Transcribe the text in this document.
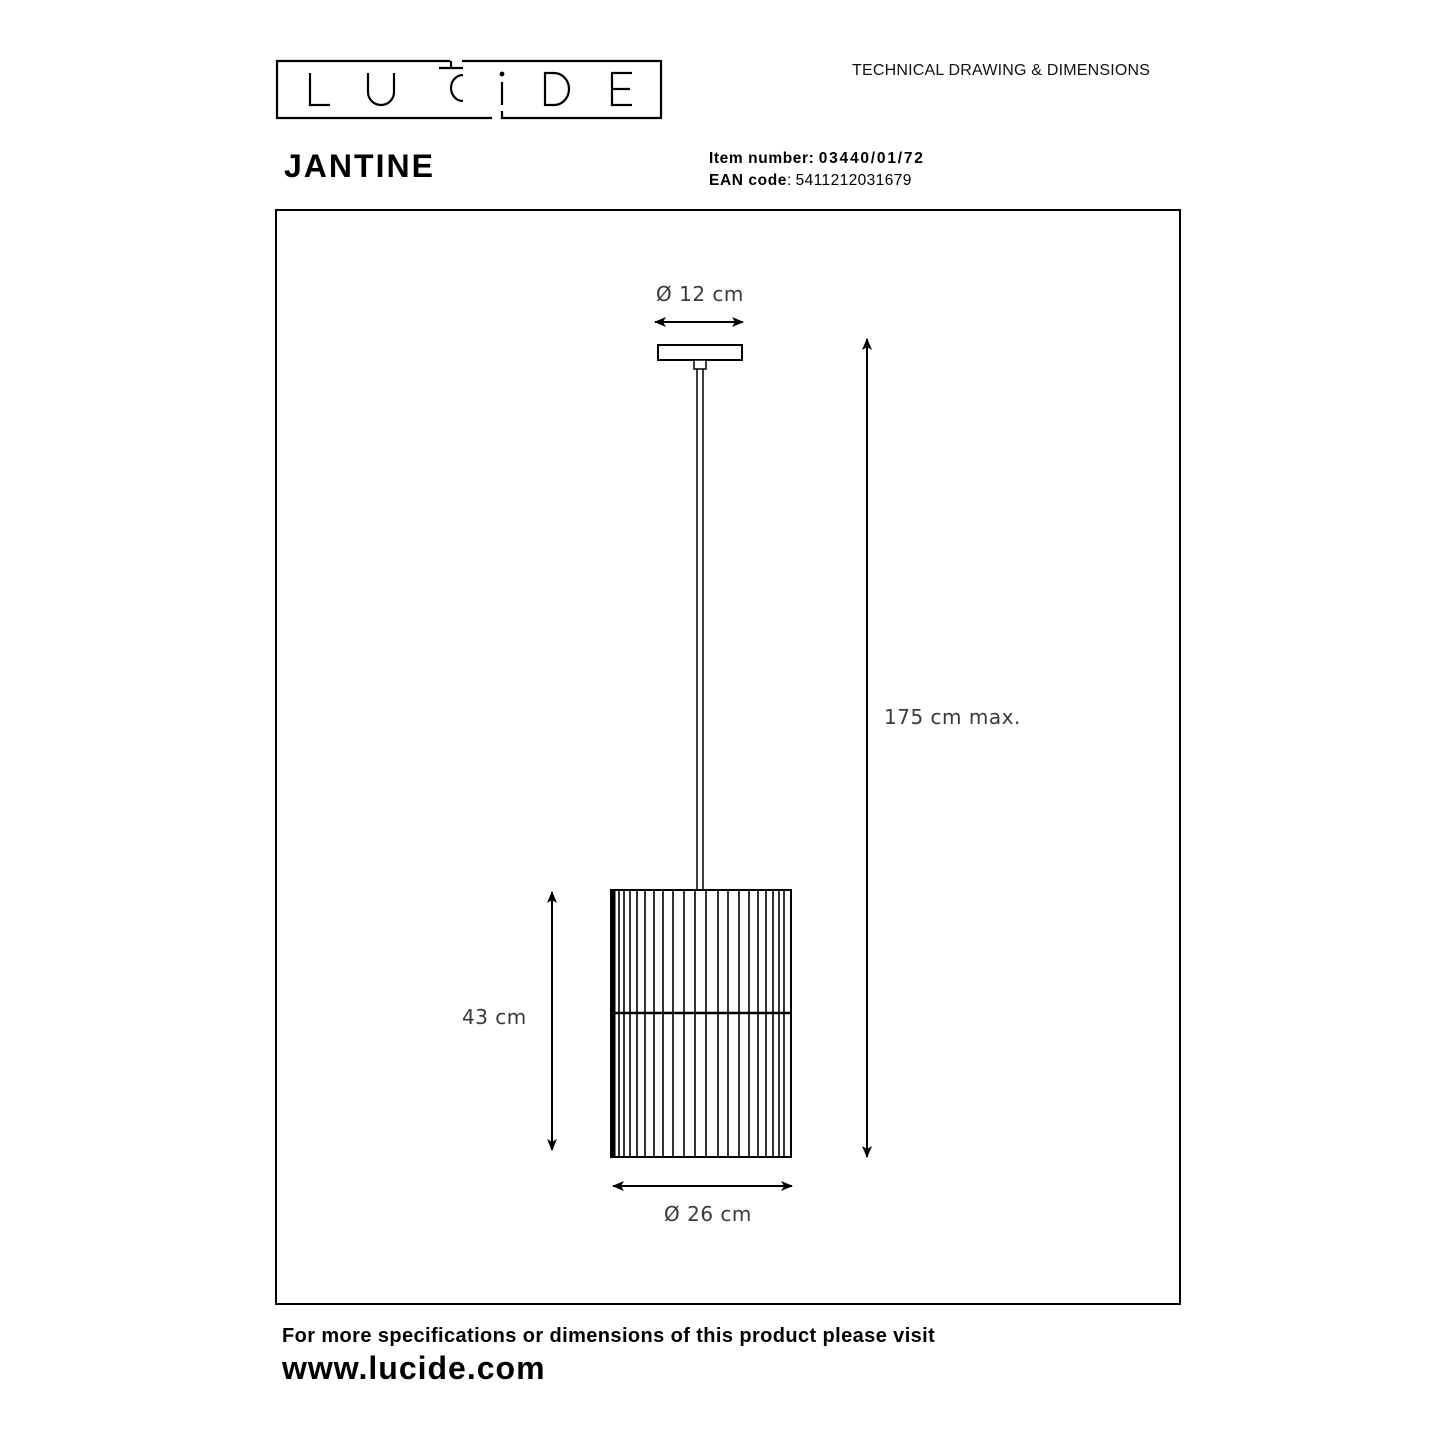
TECHNICAL DRAWING & DIMENSIONS
JANTINE	Item number: 03440/01/72
EAN code: 5411212031679
Ø 12 cm
175 cm max.
43 cm
Ø 26 cm
For more specifications or dimensions of this product please visit
www.lucide.com
